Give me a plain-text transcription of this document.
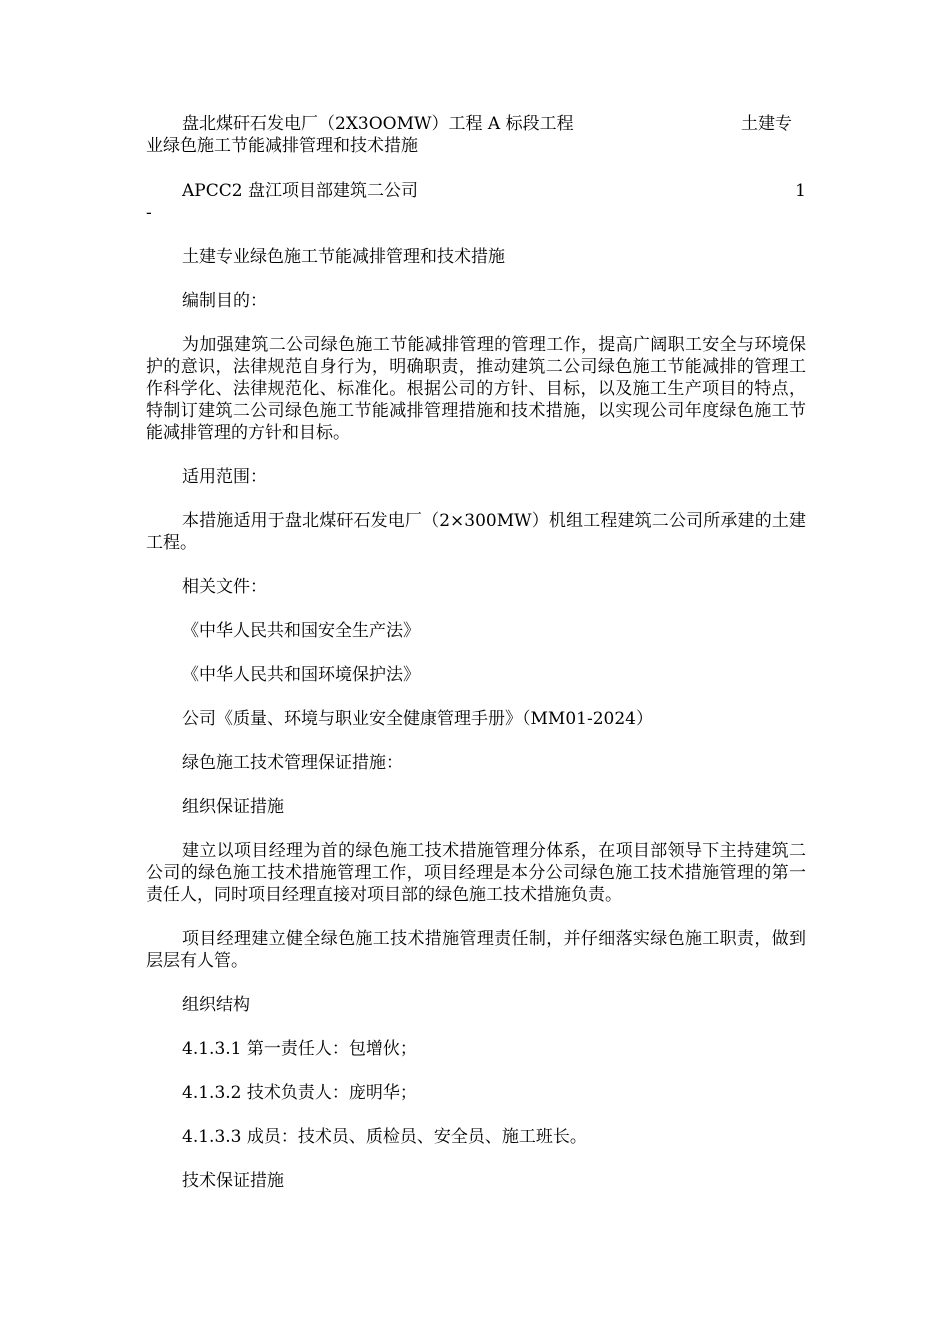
盘北煤矸石发电厂（2X3OOMW）工程 A 标段工程	土建专
业绿色施工节能减排管理和技术措施
APCC2 盘江项目部建筑二公司	1
-

土建专业绿色施工节能减排管理和技术措施

编制目的：

为加强建筑二公司绿色施工节能减排管理的管理工作，提高广阔职工安全与环境保护的意识，法律规范自身行为，明确职责，推动建筑二公司绿色施工节能减排的管理工作科学化、法律规范化、标准化。根据公司的方针、目标，以及施工生产项目的特点，特制订建筑二公司绿色施工节能减排管理措施和技术措施，以实现公司年度绿色施工节能减排管理的方针和目标。

适用范围：

本措施适用于盘北煤矸石发电厂（2×300MW）机组工程建筑二公司所承建的土建工程。

相关文件：

《中华人民共和国安全生产法》

《中华人民共和国环境保护法》

公司《质量、环境与职业安全健康管理手册》（MM01-2024）

绿色施工技术管理保证措施：

组织保证措施

建立以项目经理为首的绿色施工技术措施管理分体系，在项目部领导下主持建筑二公司的绿色施工技术措施管理工作，项目经理是本分公司绿色施工技术措施管理的第一责任人，同时项目经理直接对项目部的绿色施工技术措施负责。

项目经理建立健全绿色施工技术措施管理责任制，并仔细落实绿色施工职责，做到层层有人管。

组织结构

4.1.3.1 第一责任人：包增伙；

4.1.3.2 技术负责人：庞明华；

4.1.3.3 成员：技术员、质检员、安全员、施工班长。

技术保证措施
